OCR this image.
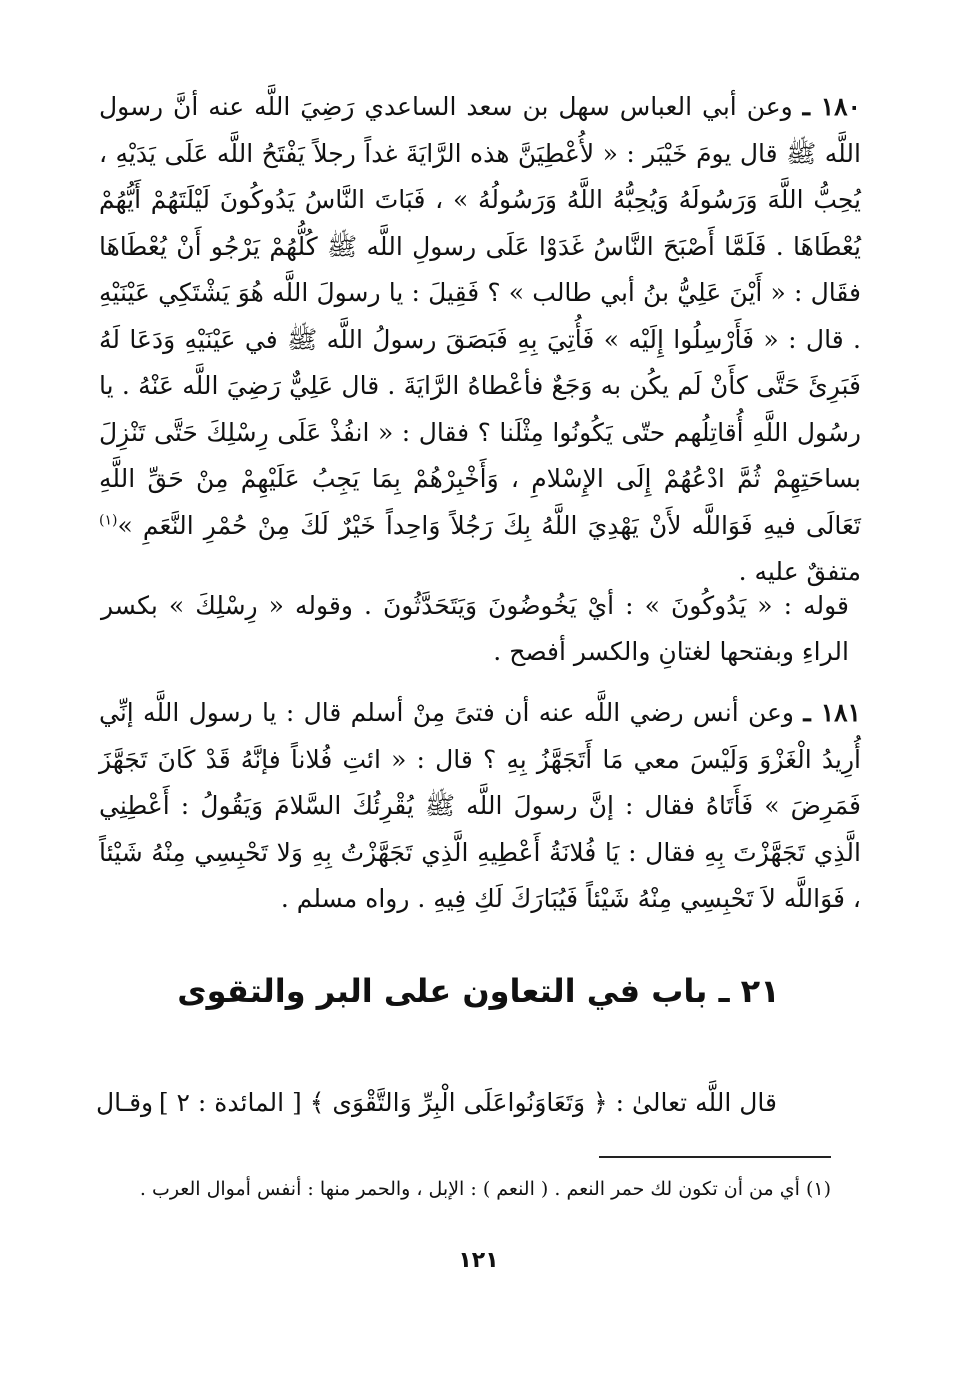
١٨٠ ـ وعن أبي العباس سهل بن سعد الساعدي رَضِيَ اللَّه عنه أنَّ رسول اللَّه ﷺ قال يومَ خَيْبَر : « لأُعْطِيَنَّ هذه الرَّايَةَ غداً رجلاً يَفْتَحُ اللَّه عَلَى يَدَيْهِ ، يُحِبُّ اللَّهَ وَرَسُولَهُ وَيُحِبُّهُ اللَّهُ وَرَسُولُهُ » ، فَبَاتَ النَّاسُ يَدُوكُونَ لَيْلَتَهُمْ أَيُّهُمْ يُعْطَاهَا . فَلَمَّا أَصْبَحَ النَّاسُ غَدَوْا عَلَى رسولِ اللَّه ﷺ كُلُّهُمْ يَرْجُو أَنْ يُعْطَاهَا فقَال : « أَيْنَ عَلِيُّ بنُ أبي طالب » ؟ فَقِيلَ : يا رسولَ اللَّه هُوَ يَشْتَكِي عَيْنَيْهِ . قال : « فَأَرْسِلُوا إِلَيْه » فَأُتِيَ بِهِ فَبَصَقَ رسولُ اللَّه ﷺ في عَيْنَيْهِ وَدَعَا لَهُ فَبَرِئَ حَتَّى كأَنْ لَم يكُن به وَجَعٌ فأعْطاهُ الرَّايَةَ . قال عَلِيٌّ رَضِيَ اللَّه عَنْهُ . يا رسُول اللَّهِ أُقاتِلُهم حتّى يَكُونُوا مِثْلَنا ؟ فقال : « انفُذْ عَلَى رِسْلِكَ حَتَّى تَنْزِلَ بساحَتِهِمْ ثُمَّ ادْعُهُمْ إِلَى الإِسْلامِ ، وَأَخْبِرْهُمْ بِمَا يَجِبُ عَلَيْهِمْ مِنْ حَقِّ اللَّهِ تَعَالَى فيهِ فَوَاللَّه لأَنْ يَهْدِيَ اللَّهُ بِكَ رَجُلاً وَاحِداً خَيْرٌ لَكَ مِنْ حُمْرِ النَّعَمِ »$^{(١)}$ متفقٌ عليه .

قوله : « يَدُوكُونَ » : أيْ يَخُوضُونَ وَيَتَحَدَّثُونَ . وقوله « رِسْلِكَ » بكسر الراءِ وبفتحها لغتانِ والكسر أفصح .

١٨١ ـ وعن أنس رضي اللَّه عنه أن فتىً مِنْ أسلم قال : يا رسول اللَّه إنِّي أُرِيدُ الْغَزْوَ وَلَيْسَ معي مَا أَتَجَهَّزُ بِهِ ؟ قال : « ائتِ فُلاناً فإنَّهُ قَدْ كَانَ تَجَهَّزَ فَمَرِضَ » فَأَتَاهُ فقال : إنَّ رسولَ اللَّه ﷺ يُقْرِئُكَ السَّلامَ وَيَقُولُ : أَعْطِنِي الَّذِي تَجَهَّزْتَ بِهِ فقال : يَا فُلانَةُ أَعْطِيهِ الَّذِي تَجَهَّزْتُ بِهِ وَلا تَحْبِسِي مِنْهُ شَيْئاً ، فَوَاللَّه لاَ تَحْبِسِي مِنْهُ شَيْئاً فَيُبَارَكَ لَكِ فِيهِ . رواه مسلم .

٢١ ـ باب في التعاون على البر والتقوى

قال اللَّه تعالىٰ : ﴿ وَتَعَاوَنُواعَلَى الْبِرِّ وَالتَّقْوَى ﴾ [ المائدة : ٢ ]
وقـال

(١) أي من أن تكون لك حمر النعم . ( النعم ) : الإبل ، والحمر منها : أنفس أموال العرب .

١٢١
